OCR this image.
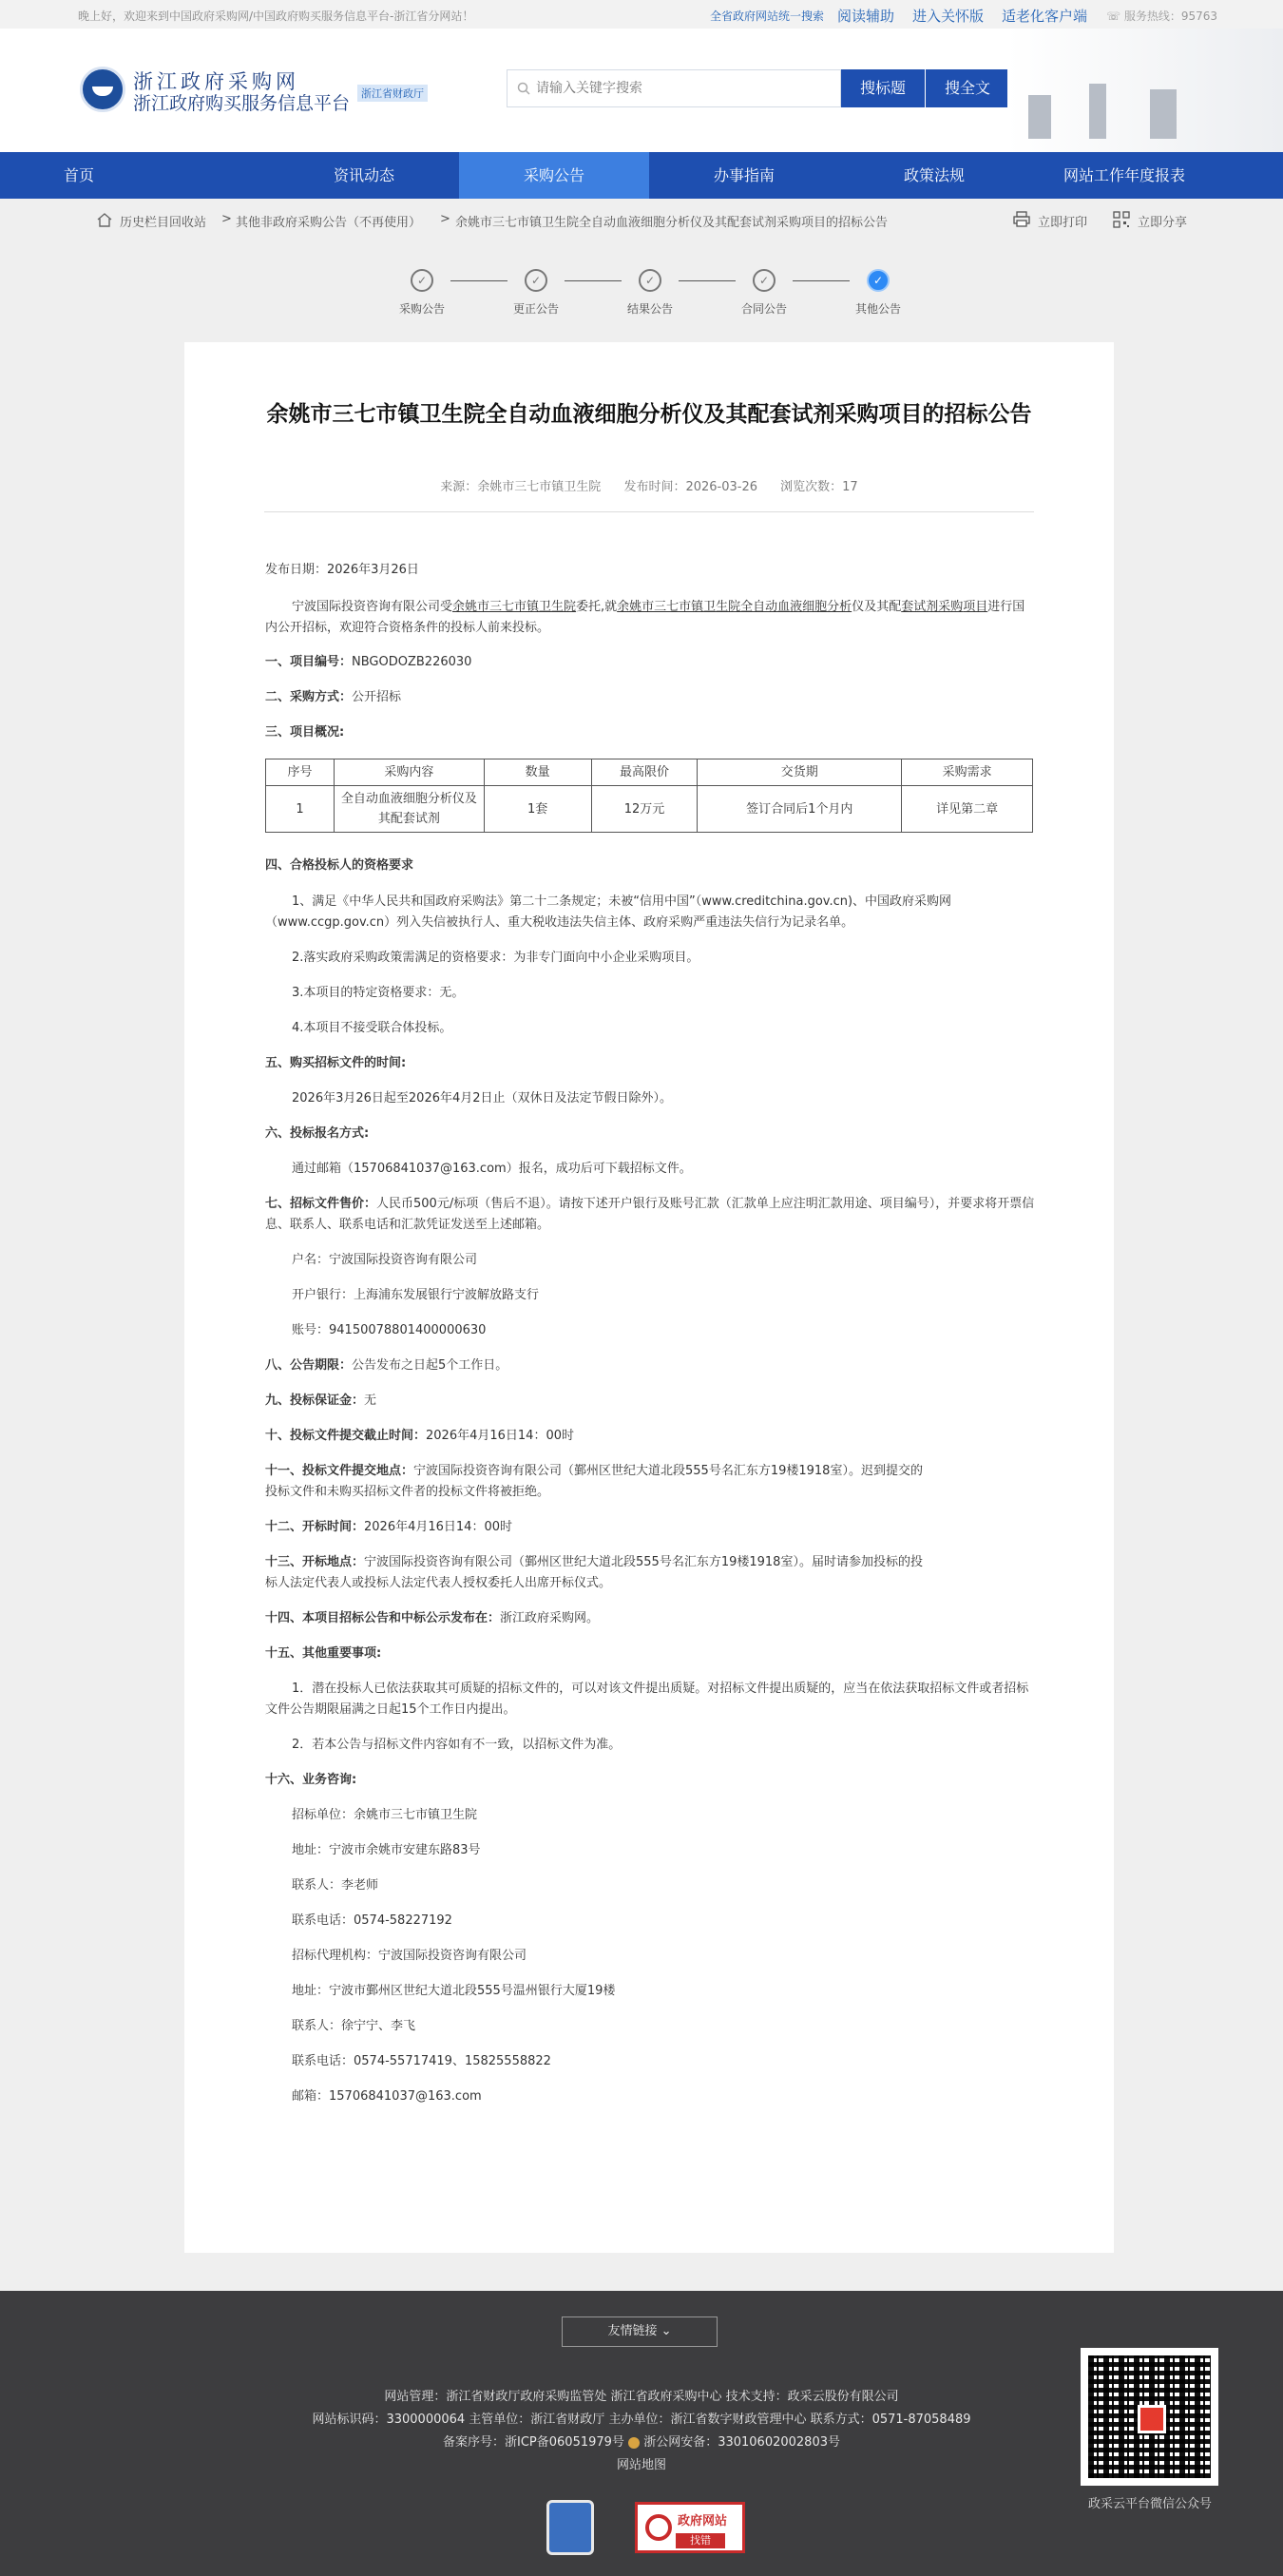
晚上好，欢迎来到中国政府采购网/中国政府购买服务信息平台-浙江省分网站！	全省政府网站统一搜索 阅读辅助 进入关怀版 适老化客户端 ☏ 服务热线：95763
浙江政府采购网
浙江政府购买服务信息平台	浙江省财政厅
请输入关键字搜索	搜标题	搜全文
首页	资讯动态	采购公告	办事指南	政策法规	网站工作年度报表
历史栏目回收站 > 其他非政府采购公告（不再使用） > 余姚市三七市镇卫生院全自动血液细胞分析仪及其配套试剂采购项目的招标公告	立即打印	立即分享
✓
采购公告
✓
更正公告
✓
结果公告
✓
合同公告
✓
其他公告
余姚市三七市镇卫生院全自动血液细胞分析仪及其配套试剂采购项目的招标公告
来源：余姚市三七市镇卫生院 发布时间：2026-03-26 浏览次数：17
发布日期：2026年3月26日
宁波国际投资咨询有限公司受余姚市三七市镇卫生院委托,就余姚市三七市镇卫生院全自动血液细胞分析仪及其配套试剂采购项目进行国内公开招标，欢迎符合资格条件的投标人前来投标。
一、项目编号：NBGODOZB226030
二、采购方式：公开招标
三、项目概况:
序号	采购内容	数量	最高限价	交货期	采购需求
1	全自动血液细胞分析仪及其配套试剂	1套	12万元	签订合同后1个月内	详见第二章
四、合格投标人的资格要求
1、满足《中华人民共和国政府采购法》第二十二条规定；未被“信用中国”（www.creditchina.gov.cn)、中国政府采购网（www.ccgp.gov.cn）列入失信被执行人、重大税收违法失信主体、政府采购严重违法失信行为记录名单。
2.落实政府采购政策需满足的资格要求：为非专门面向中小企业采购项目。
3.本项目的特定资格要求：无。
4.本项目不接受联合体投标。
五、购买招标文件的时间:
2026年3月26日起至2026年4月2日止（双休日及法定节假日除外）。
六、投标报名方式:
通过邮箱（15706841037@163.com）报名，成功后可下载招标文件。
七、招标文件售价：人民币500元/标项（售后不退）。请按下述开户银行及账号汇款（汇款单上应注明汇款用途、项目编号），并要求将开票信息、联系人、联系电话和汇款凭证发送至上述邮箱。
户名：宁波国际投资咨询有限公司
开户银行：上海浦东发展银行宁波解放路支行
账号：94150078801400000630
八、公告期限：公告发布之日起5个工作日。
九、投标保证金：无
十、投标文件提交截止时间：2026年4月16日14：00时
十一、投标文件提交地点：宁波国际投资咨询有限公司（鄞州区世纪大道北段555号名汇东方19楼1918室）。迟到提交的投标文件和未购买招标文件者的投标文件将被拒绝。
十二、开标时间：2026年4月16日14：00时
十三、开标地点：宁波国际投资咨询有限公司（鄞州区世纪大道北段555号名汇东方19楼1918室）。届时请参加投标的投标人法定代表人或投标人法定代表人授权委托人出席开标仪式。
十四、本项目招标公告和中标公示发布在：浙江政府采购网。
十五、其他重要事项:
1．潜在投标人已依法获取其可质疑的招标文件的，可以对该文件提出质疑。对招标文件提出质疑的，应当在依法获取招标文件或者招标文件公告期限届满之日起15个工作日内提出。
2．若本公告与招标文件内容如有不一致，以招标文件为准。
十六、业务咨询:
招标单位：余姚市三七市镇卫生院
地址：宁波市余姚市安建东路83号
联系人：李老师
联系电话：0574-58227192
招标代理机构：宁波国际投资咨询有限公司
地址：宁波市鄞州区世纪大道北段555号温州银行大厦19楼
联系人：徐宁宁、李飞
联系电话：0574-55717419、15825558822
邮箱：15706841037@163.com
友情链接 ⌄
网站管理：浙江省财政厅政府采购监管处 浙江省政府采购中心 技术支持：政采云股份有限公司
网站标识码：3300000064 主管单位：浙江省财政厅 主办单位：浙江省数字财政管理中心 联系方式：0571-87058489
备案序号：浙ICP备06051979号 浙公网安备：33010602002803号
网站地图
政府网站
找错
政采云平台微信公众号
